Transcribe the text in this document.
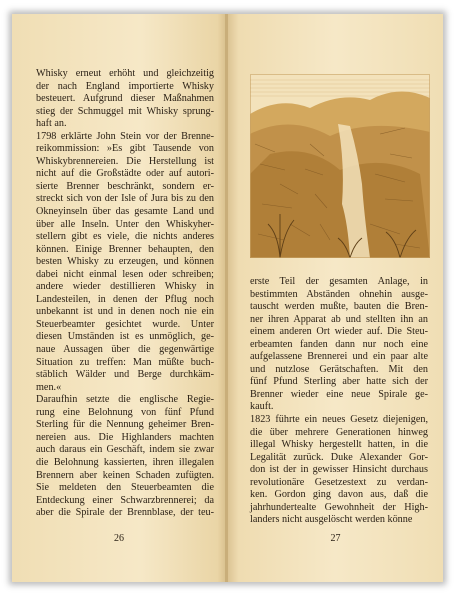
Whisky erneut erhöht und gleichzeitig
der nach England importierte Whisky
besteuert. Aufgrund dieser Maßnahmen
stieg der Schmuggel mit Whisky sprung-
haft an.
1798 erklärte John Stein vor der Brenne-
reikommission: »Es gibt Tausende von
Whiskybrennereien. Die Herstellung ist
nicht auf die Großstädte oder auf autori-
sierte Brenner beschränkt, sondern er-
streckt sich von der Isle of Jura bis zu den
Okneyinseln über das gesamte Land und
über alle Inseln. Unter den Whiskyher-
stellern gibt es viele, die nichts anderes
können. Einige Brenner behaupten, den
besten Whisky zu erzeugen, und können
dabei nicht einmal lesen oder schreiben;
andere wieder destillieren Whisky in
Landesteilen, in denen der Pflug noch
unbekannt ist und in denen noch nie ein
Steuerbeamter gesichtet wurde. Unter
diesen Umständen ist es unmöglich, ge-
naue Aussagen über die gegenwärtige
Situation zu treffen: Man müßte buch-
stäblich Wälder und Berge durchkäm-
men.«
Daraufhin setzte die englische Regie-
rung eine Belohnung von fünf Pfund
Sterling für die Nennung geheimer Bren-
nereien aus. Die Highlanders machten
auch daraus ein Geschäft, indem sie zwar
die Belohnung kassierten, ihren illegalen
Brennern aber keinen Schaden zufügten.
Sie meldeten den Steuerbeamten die
Entdeckung einer Schwarzbrennerei; da
aber die Spirale der Brennblase, der teu-
26
erste Teil der gesamten Anlage, in
bestimmten Abständen ohnehin ausge-
tauscht werden mußte, bauten die Bren-
ner ihren Apparat ab und stellten ihn an
einem anderen Ort wieder auf. Die Steu-
erbeamten fanden dann nur noch eine
aufgelassene Brennerei und ein paar alte
und nutzlose Gerätschaften. Mit den
fünf Pfund Sterling aber hatte sich der
Brenner wieder eine neue Spirale ge-
kauft.
1823 führte ein neues Gesetz diejenigen,
die über mehrere Generationen hinweg
illegal Whisky hergestellt hatten, in die
Legalität zurück. Duke Alexander Gor-
don ist der in gewisser Hinsicht durchaus
revolutionäre Gesetzestext zu verdan-
ken. Gordon ging davon aus, daß die
jahrhundertealte Gewohnheit der High-
landers nicht ausgelöscht werden könne
27
